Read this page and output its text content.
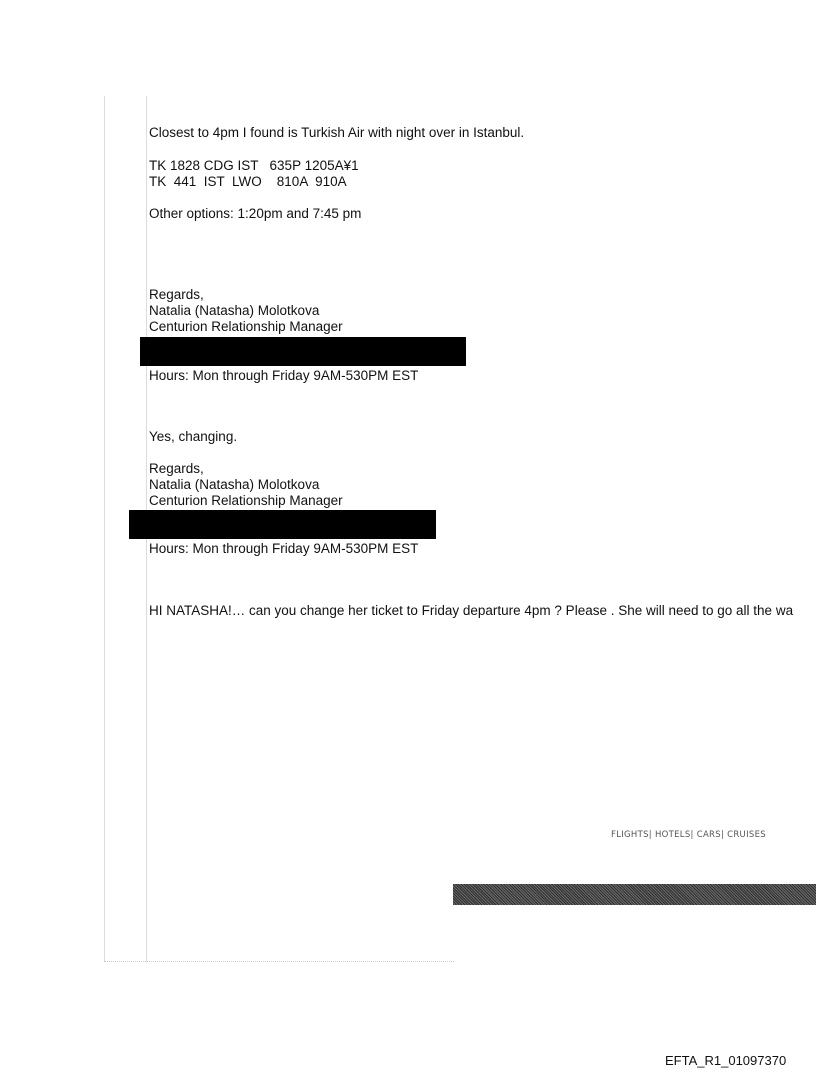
Closest to 4pm I found is Turkish Air with night over in Istanbul.
TK 1828 CDG IST   635P 1205A¥1
TK  441  IST  LWO    810A  910A
Other options: 1:20pm and 7:45 pm
Regards,
Natalia (Natasha) Molotkova
Centurion Relationship Manager
Hours: Mon through Friday 9AM-530PM EST
Yes, changing.
Regards,
Natalia (Natasha) Molotkova
Centurion Relationship Manager
Hours: Mon through Friday 9AM-530PM EST
HI NATASHA!… can you change her ticket to Friday departure 4pm ? Please . She will need to go all the wa
FLIGHTS| HOTELS| CARS| CRUISES
EFTA_R1_01097370
